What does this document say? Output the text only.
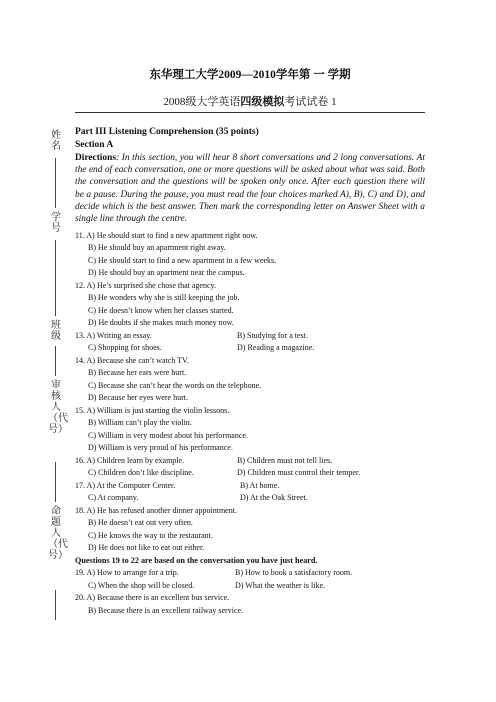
姓名
学号
班级
审核人（代号）
命题人（代号）
东华理工大学2009—2010学年第 一 学期
2008级大学英语四级模拟考试试卷 1
Part III Listening Comprehension (35 points)
Section A
Directions: In this section, you will hear 8 short conversations and 2 long conversations. At the end of each conversation, one or more questions will be asked about what was said. Both the conversation and the questions will be spoken only once. After each question there will be a pause. During the pause, you must read the four choices marked A), B), C) and D), and decide which is the best answer. Then mark the corresponding letter on Answer Sheet with a single line through the centre.
11. A) He should start to find a new apartment right now.
B) He should buy an apartment right away.
C) He should start to find a new apartment in a few weeks.
D) He should buy an apartment near the campus.
12. A) He’s surprised she chose that agency.
B) He wonders why she is still keeping the job.
C) He doesn’t know when her classes started.
D) He doubts if she makes much money now.
13. A) Writing an essay.	B) Studying for a test.
C) Shopping for shoes.	D) Reading a magazine.
14. A) Because she can’t watch TV.
B) Because her ears were hurt.
C) Because she can’t hear the words on the telephone.
D) Because her eyes were hurt.
15. A) William is just starting the violin lessons.
B) William can’t play the violin.
C) William is very modest about his performance.
D) William is very proud of his performance.
16. A) Children learn by example.	B) Children must not tell lies.
C) Children don’t like discipline.	D) Children must control their temper.
17. A) At the Computer Center.	B) At home.
C) At company.	D) At the Oak Street.
18. A) He has refused another dinner appointment.
B) He doesn’t eat out very often.
C) He knows the way to the restaurant.
D) He does not like to eat out either.
Questions 19 to 22 are based on the conversation you have just heard.
19. A) How to arrange for a trip.	B) How to book a satisfactory room.
C) When the shop will be closed.	D) What the weather is like.
20. A) Because there is an excellent bus service.
B) Because there is an excellent railway service.
